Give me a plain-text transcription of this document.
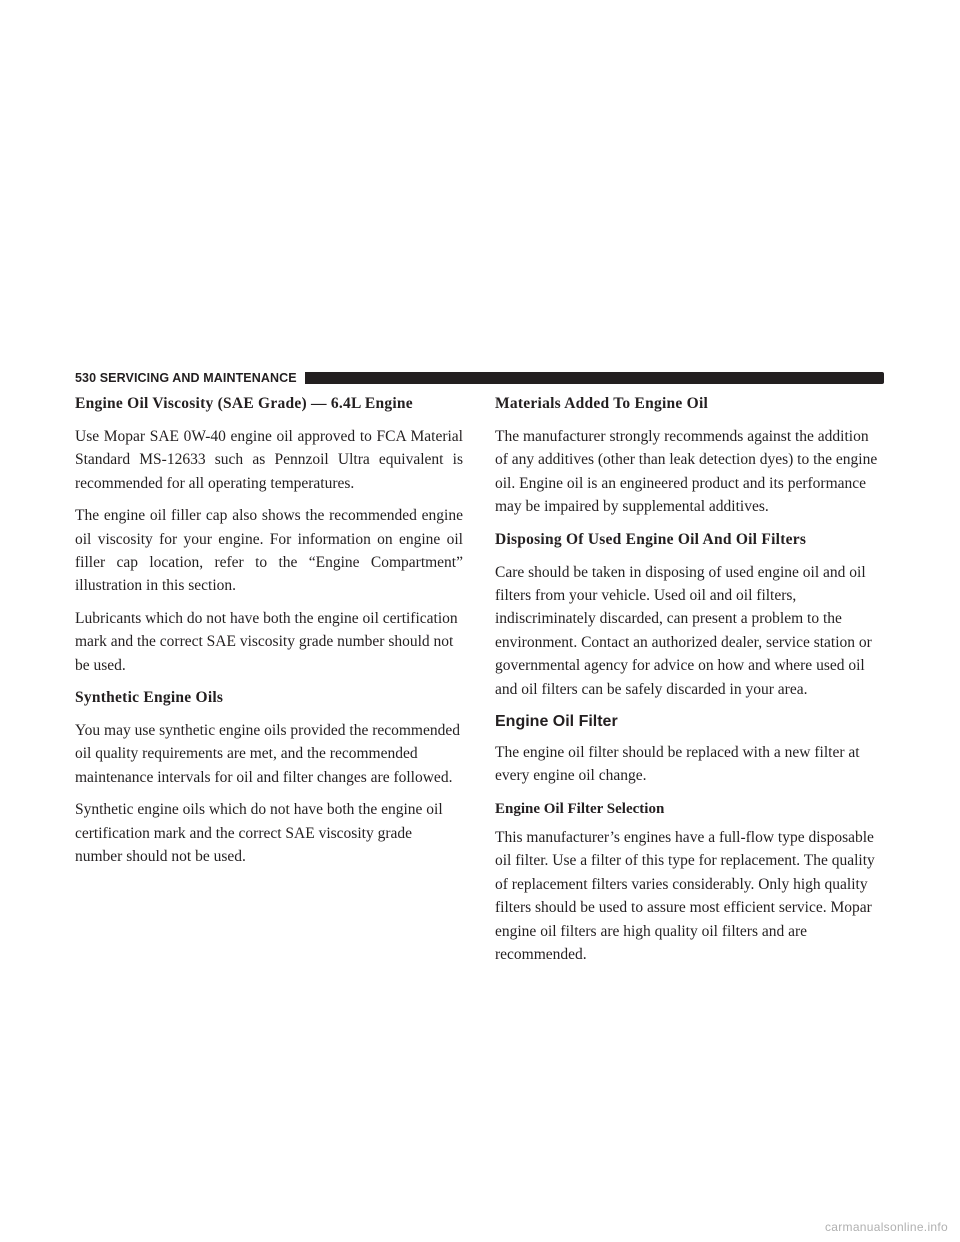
530 SERVICING AND MAINTENANCE
Engine Oil Viscosity (SAE Grade) — 6.4L Engine

Use Mopar SAE 0W-40 engine oil approved to FCA Material Standard MS-12633 such as Pennzoil Ultra equivalent is recommended for all operating temperatures.

The engine oil filler cap also shows the recommended engine oil viscosity for your engine. For information on engine oil filler cap location, refer to the “Engine Compartment” illustration in this section.

Lubricants which do not have both the engine oil certification mark and the correct SAE viscosity grade number should not be used.

Synthetic Engine Oils

You may use synthetic engine oils provided the recommended oil quality requirements are met, and the recommended maintenance intervals for oil and filter changes are followed.

Synthetic engine oils which do not have both the engine oil certification mark and the correct SAE viscosity grade number should not be used.

Materials Added To Engine Oil

The manufacturer strongly recommends against the addition of any additives (other than leak detection dyes) to the engine oil. Engine oil is an engineered product and its performance may be impaired by supplemental additives.

Disposing Of Used Engine Oil And Oil Filters

Care should be taken in disposing of used engine oil and oil filters from your vehicle. Used oil and oil filters, indiscriminately discarded, can present a problem to the environment. Contact an authorized dealer, service station or governmental agency for advice on how and where used oil and oil filters can be safely discarded in your area.

Engine Oil Filter

The engine oil filter should be replaced with a new filter at every engine oil change.

Engine Oil Filter Selection

This manufacturer’s engines have a full-flow type disposable oil filter. Use a filter of this type for replacement. The quality of replacement filters varies considerably. Only high quality filters should be used to assure most efficient service. Mopar engine oil filters are high quality oil filters and are recommended.

carmanualsonline.info
